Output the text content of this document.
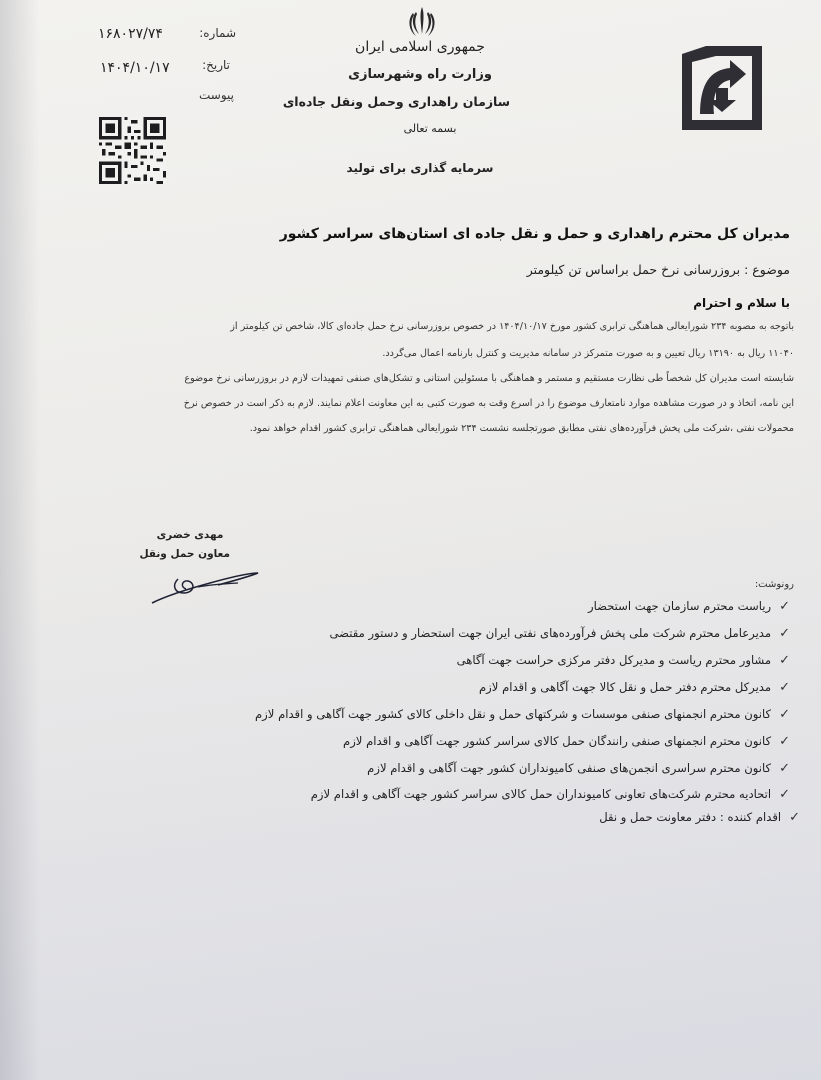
جمهوری اسلامی ایران
وزارت راه وشهرسازی
سازمان راهداری وحمل ونقل جاده‌ای
بسمه تعالی
سرمایه گذاری برای تولید
شماره:
۱۶۸۰۲۷/۷۴
تاریخ:
۱۴۰۴/۱۰/۱۷
پیوست
مدیران کل محترم راهداری و حمل و نقل جاده ای استان‌های سراسر کشور
موضوع : بروزرسانی نرخ حمل براساس تن کیلومتر
با سلام و احترام
باتوجه به مصوبه ۲۳۴ شورایعالی هماهنگی ترابری کشور مورخ ۱۴۰۴/۱۰/۱۷ در خصوص بروزرسانی نرخ حمل جاده‌ای کالا، شاخص تن کیلومتر از
۱۱۰۴۰ ریال به ۱۳۱۹۰ ریال تعیین و به صورت متمرکز در سامانه مدیریت و کنترل بارنامه اعمال می‌گردد.
شایسته است مدیران کل شخصاً طی نظارت مستقیم و مستمر و هماهنگی با مسئولین استانی و تشکل‌های صنفی تمهیدات لازم در بروزرسانی نرخ موضوع
این نامه، اتخاذ و در صورت مشاهده موارد نامتعارف موضوع را در اسرع وقت به صورت کتبی به این معاونت اعلام نمایند. لازم به ذکر است در خصوص نرخ
محمولات نفتی ،شرکت ملی پخش فرآورده‌های نفتی مطابق صورتجلسه نشست ۲۳۴ شورایعالی هماهنگی ترابری کشور اقدام خواهد نمود.
مهدی خضری
معاون حمل ونقل
رونوشت:
✓ریاست محترم سازمان جهت استحضار
✓مدیرعامل محترم شرکت ملی پخش فرآورده‌های نفتی ایران جهت استحضار و دستور مقتضی
✓مشاور محترم ریاست و مدیرکل دفتر مرکزی حراست جهت آگاهی
✓مدیرکل محترم دفتر حمل و نقل کالا جهت آگاهی و اقدام لازم
✓کانون محترم انجمنهای صنفی موسسات و شرکتهای حمل و نقل داخلی کالای کشور جهت آگاهی و اقدام لازم
✓کانون محترم انجمنهای صنفی رانندگان حمل کالای سراسر کشور جهت آگاهی و اقدام لازم
✓کانون محترم سراسری انجمن‌های صنفی کامیونداران کشور جهت آگاهی و اقدام لازم
✓اتحادیه محترم شرکت‌های تعاونی کامیونداران حمل کالای سراسر کشور جهت آگاهی و اقدام لازم
✓اقدام کننده : دفتر معاونت حمل و نقل
